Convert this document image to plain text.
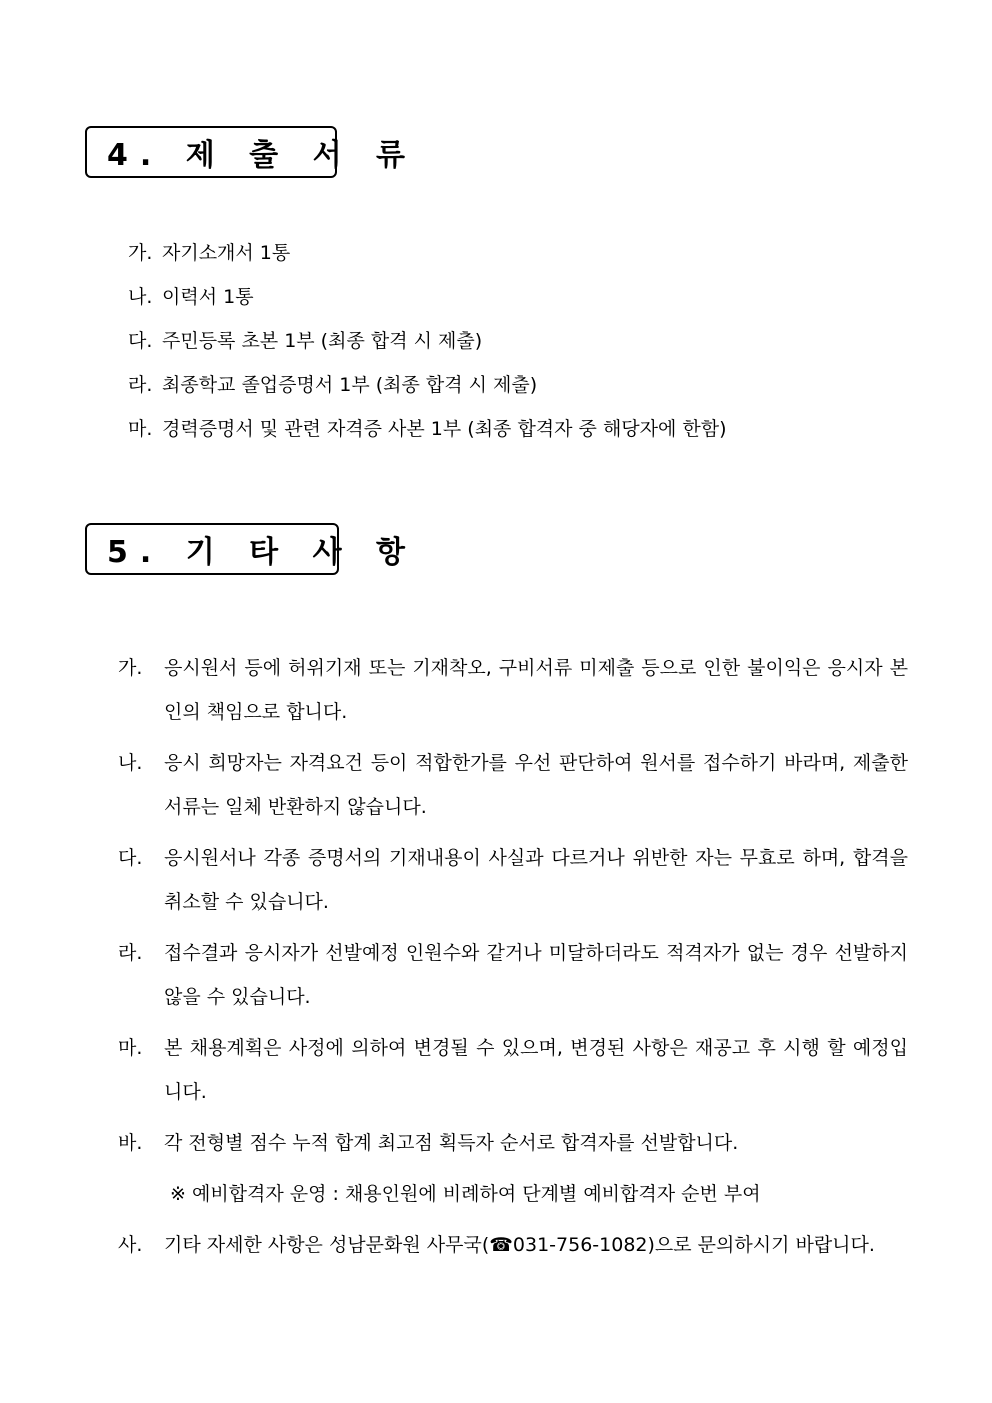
4. 제 출 서 류
가. 자기소개서 1통
나. 이력서 1통
다. 주민등록 초본 1부 (최종 합격 시 제출)
라. 최종학교 졸업증명서 1부 (최종 합격 시 제출)
마. 경력증명서 및 관련 자격증 사본 1부 (최종 합격자 중 해당자에 한함)
5. 기 타 사 항
가.	응시원서 등에 허위기재 또는 기재착오, 구비서류 미제출 등으로 인한 불이익은 응시자 본인의 책임으로 합니다.
나.	응시 희망자는 자격요건 등이 적합한가를 우선 판단하여 원서를 접수하기 바라며, 제출한 서류는 일체 반환하지 않습니다.
다.	응시원서나 각종 증명서의 기재내용이 사실과 다르거나 위반한 자는 무효로 하며, 합격을 취소할 수 있습니다.
라.	접수결과 응시자가 선발예정 인원수와 같거나 미달하더라도 적격자가 없는 경우 선발하지 않을 수 있습니다.
마.	본 채용계획은 사정에 의하여 변경될 수 있으며, 변경된 사항은 재공고 후 시행 할 예정입니다.
바.	각 전형별 점수 누적 합계 최고점 획득자 순서로 합격자를 선발합니다.
※ 예비합격자 운영 : 채용인원에 비례하여 단계별 예비합격자 순번 부여
사.	기타 자세한 사항은 성남문화원 사무국(☎031-756-1082)으로 문의하시기 바랍니다.
